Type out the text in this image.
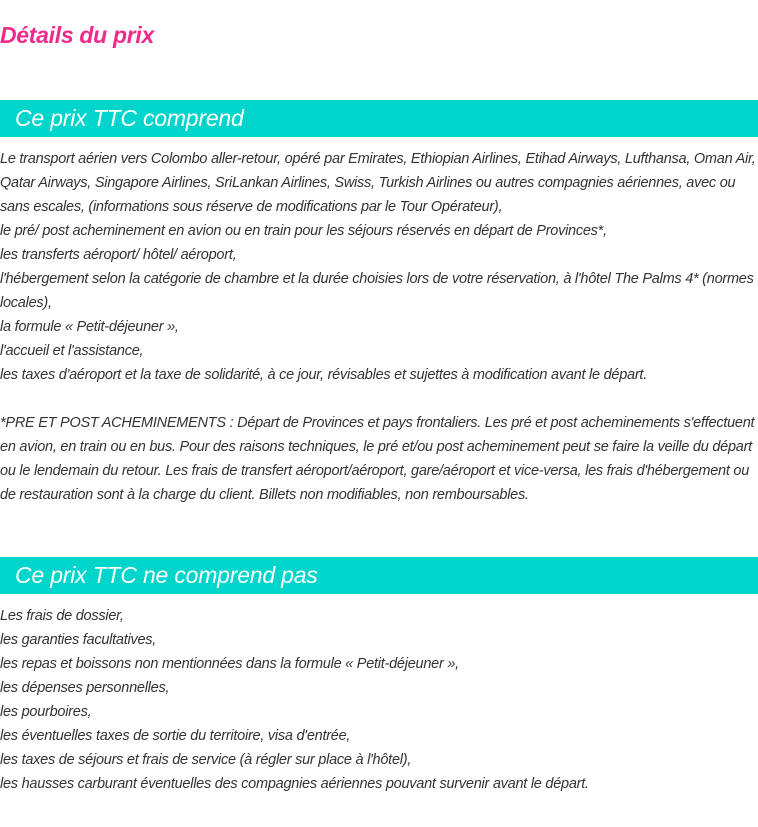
Détails du prix
Ce prix TTC comprend

Le transport aérien vers Colombo aller-retour, opéré par Emirates, Ethiopian Airlines, Etihad Airways, Lufthansa, Oman Air, Qatar Airways, Singapore Airlines, SriLankan Airlines, Swiss, Turkish Airlines ou autres compagnies aériennes, avec ou sans escales, (informations sous réserve de modifications par le Tour Opérateur),

le pré/ post acheminement en avion ou en train pour les séjours réservés en départ de Provinces*,

les transferts aéroport/ hôtel/ aéroport,

l'hébergement selon la catégorie de chambre et la durée choisies lors de votre réservation, à l'hôtel The Palms 4* (normes locales),

la formule « Petit-déjeuner »,

l'accueil et l'assistance,

les taxes d'aéroport et la taxe de solidarité, à ce jour, révisables et sujettes à modification avant le départ.

*PRE ET POST ACHEMINEMENTS : Départ de Provinces et pays frontaliers. Les pré et post acheminements s'effectuent en avion, en train ou en bus. Pour des raisons techniques, le pré et/ou post acheminement peut se faire la veille du départ ou le lendemain du retour. Les frais de transfert aéroport/aéroport, gare/aéroport et vice-versa, les frais d'hébergement ou de restauration sont à la charge du client. Billets non modifiables, non remboursables.

Ce prix TTC ne comprend pas

Les frais de dossier,

les garanties facultatives,

les repas et boissons non mentionnées dans la formule « Petit-déjeuner »,

les dépenses personnelles,

les pourboires,

les éventuelles taxes de sortie du territoire, visa d'entrée,

les taxes de séjours et frais de service (à régler sur place à l'hôtel),

les hausses carburant éventuelles des compagnies aériennes pouvant survenir avant le départ.
